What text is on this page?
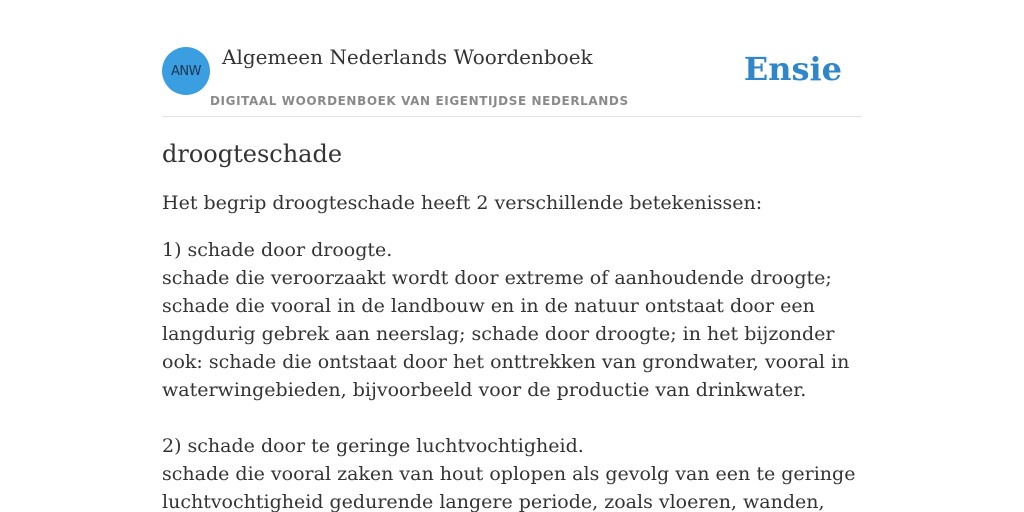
ANW
Algemeen Nederlands Woordenboek
DIGITAAL WOORDENBOEK VAN EIGENTIJDSE NEDERLANDS
Ensie
droogteschade

Het begrip droogteschade heeft 2 verschillende betekenissen:

1) schade door droogte.
schade die veroorzaakt wordt door extreme of aanhoudende droogte; schade die vooral in de landbouw en in de natuur ontstaat door een langdurig gebrek aan neerslag; schade door droogte; in het bijzonder ook: schade die ontstaat door het onttrekken van grondwater, vooral in waterwingebieden, bijvoorbeeld voor de productie van drinkwater.
2) schade door te geringe luchtvochtigheid.
schade die vooral zaken van hout oplopen als gevolg van een te geringe luchtvochtigheid gedurende langere periode, zoals vloeren, wanden,
